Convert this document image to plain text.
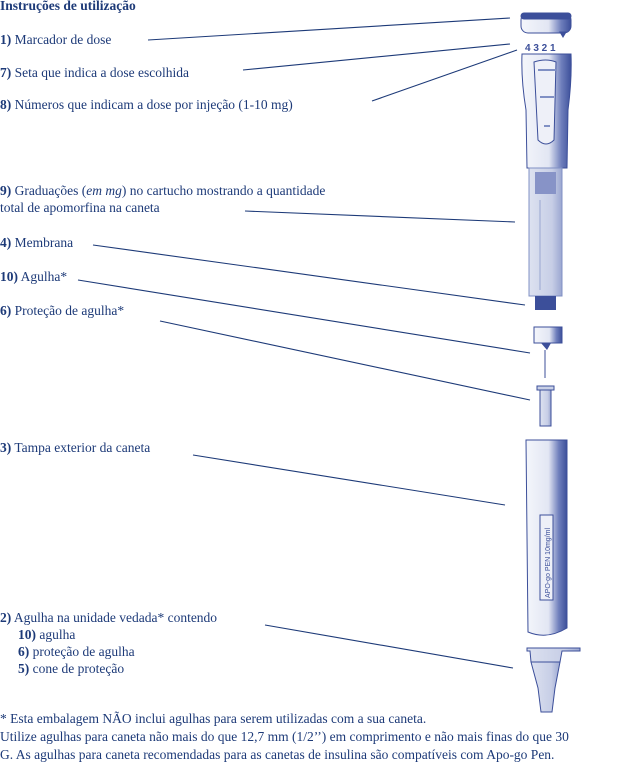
4 3 2 1
APO-go PEN 10mg/ml
Instruções de utilização
1) Marcador de dose
7) Seta que indica a dose escolhida
8) Números que indicam a dose por injeção (1-10 mg)
9) Graduações (em mg) no cartucho mostrando a quantidade
total de apomorfina na caneta
4) Membrana
10) Agulha*
6) Proteção de agulha*
3) Tampa exterior da caneta
2) Agulha na unidade vedada* contendo
10) agulha
6) proteção de agulha
5) cone de proteção
* Esta embalagem NÃO inclui agulhas para serem utilizadas com a sua caneta.
Utilize agulhas para caneta não mais do que 12,7 mm (1/2’’) em comprimento e não mais finas do que 30
G. As agulhas para caneta recomendadas para as canetas de insulina são compatíveis com Apo-go Pen.
